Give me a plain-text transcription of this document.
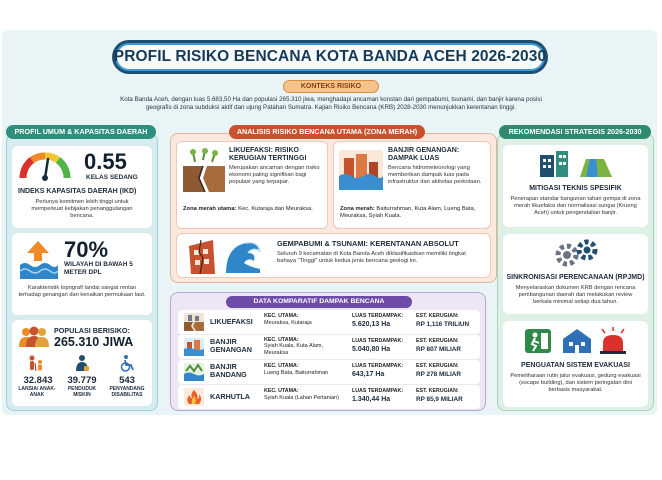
PROFIL RISIKO BENCANA KOTA BANDA ACEH 2026-2030
KONTEKS RISIKO
Kota Banda Aceh, dengan luas 5.683,50 Ha dan populasi 265.310 jiwa, menghadapi ancaman konstan dari gempabumi, tsunami, dan banjir karena posisi geografis di zona subduksi aktif dan ujung Patahan Sumatra. Kajian Risiko Bencana (KRB) 2028-2030 menunjukkan kerentanan tinggi.
PROFIL UMUM & KAPASITAS DAERAH	ANALISIS RISIKO BENCANA UTAMA (ZONA MERAH)	REKOMENDASI STRATEGIS 2026-2030
0.55
KELAS SEDANG
INDEKS KAPASITAS DAERAH (IKD)
Perlunya komitmen lebih tinggi untuk memperkuat kebijakan penanggulangan bencana.
70%
WILAYAH DI BAWAH 5 METER DPL
Karakteristik topografi landai sangat rentan terhadap genangan dan kenaikan permukaan laut.
POPULASI BERISIKO:
265.310 JIWA
32.843
LANSIA/ ANAK-ANAK
39.779
PENDUDUK MISKIN
543
PENYANDANG DISABILITAS
LIKUEFAKSI: RISIKO KERUGIAN TERTINGGI
Merupakan ancaman dengan risiko ekonomi paling signifikan bagi populasi yang terpapar.
Zona merah utama: Kec. Kutaraja dan Meuraksa.
BANJIR GENANGAN: DAMPAK LUAS
Bencana hidrometeorologi yang memberikan dampak luas pada infrastruktur dan aktivitas perkotaan.
Zona merah: Baiturrahman, Kuta Alam, Lueng Bata, Meuraksa, Syiah Kuala.
GEMPABUMI & TSUNAMI: KERENTANAN ABSOLUT
Seluruh 9 kecamatan di Kota Banda Aceh diklasifikasikan memiliki tingkat bahaya "Tinggi" untuk kedua jenis bencana geologi ini.
DATA KOMPARATIF DAMPAK BENCANA
LIKUEFAKSI
KEC. UTAMA:
Meuraksa, Kutaraja
LUAS TERDAMPAK:
5.620,13 Ha
EST. KERUGIAN:
RP 1,116 TRILIUN
BANJIR GENANGAN
KEC. UTAMA:
Syiah Kuala, Kuta Alam, Meuraksa
LUAS TERDAMPAK:
5.040,80 Ha
EST. KERUGIAN:
RP 807 MILIAR
BANJIR BANDANG
KEC. UTAMA:
Lueng Bata, Baiturrahman
LUAS TERDAMPAK:
643,17 Ha
EST. KERUGIAN:
RP 278 MILIAR
KARHUTLA
KEC. UTAMA:
Syiah Kuala (Lahan Pertanian)
LUAS TERDAMPAK:
1.340,44 Ha
EST. KERUGIAN:
RP 85,9 MILIAR
MITIGASI TEKNIS SPESIFIK
Penerapan standar bangunan tahan gempa di zona merah likuefaksi dan normalisasi sungai (Krueng Aceh) untuk pengendalian banjir.
SINKRONISASI PERENCANAAN (RPJMD)
Menyelaraskan dokumen KRB dengan rencana pembangunan daerah dan melakukan review berkala minimal setiap dua tahun.
PENGUATAN SISTEM EVAKUASI
Pemeliharaan rutin jalur evakuasi, gedung evakuasi (escape building), dan sistem peringatan dini berbasis masyarakat.
